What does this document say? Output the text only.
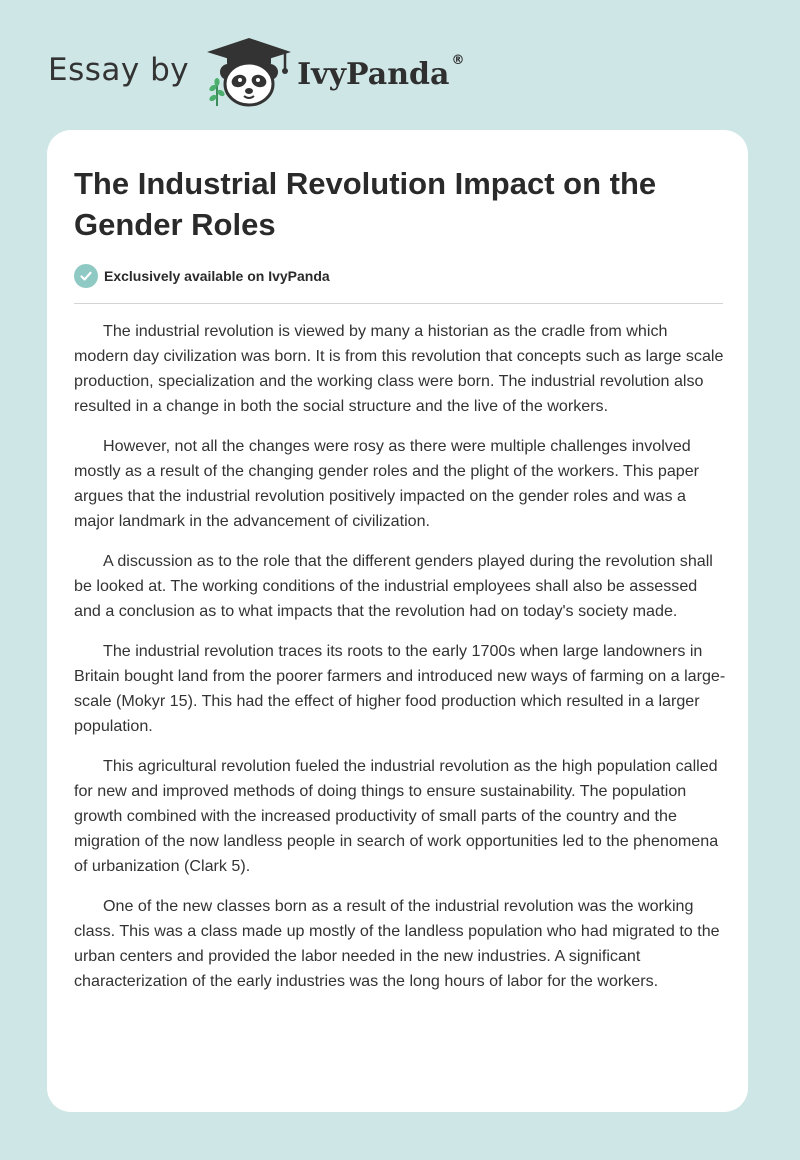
Essay by	IvyPanda ®
The Industrial Revolution Impact on the Gender Roles
Exclusively available on IvyPanda

The industrial revolution is viewed by many a historian as the cradle from which modern day civilization was born. It is from this revolution that concepts such as large scale production, specialization and the working class were born. The industrial revolution also resulted in a change in both the social structure and the live of the workers.

However, not all the changes were rosy as there were multiple challenges involved mostly as a result of the changing gender roles and the plight of the workers. This paper argues that the industrial revolution positively impacted on the gender roles and was a major landmark in the advancement of civilization.

A discussion as to the role that the different genders played during the revolution shall be looked at. The working conditions of the industrial employees shall also be assessed and a conclusion as to what impacts that the revolution had on today's society made.

The industrial revolution traces its roots to the early 1700s when large landowners in Britain bought land from the poorer farmers and introduced new ways of farming on a large-scale (Mokyr 15). This had the effect of higher food production which resulted in a larger population.

This agricultural revolution fueled the industrial revolution as the high population called for new and improved methods of doing things to ensure sustainability. The population growth combined with the increased productivity of small parts of the country and the migration of the now landless people in search of work opportunities led to the phenomena of urbanization (Clark 5).

One of the new classes born as a result of the industrial revolution was the working class. This was a class made up mostly of the landless population who had migrated to the urban centers and provided the labor needed in the new industries. A significant characterization of the early industries was the long hours of labor for the workers.
